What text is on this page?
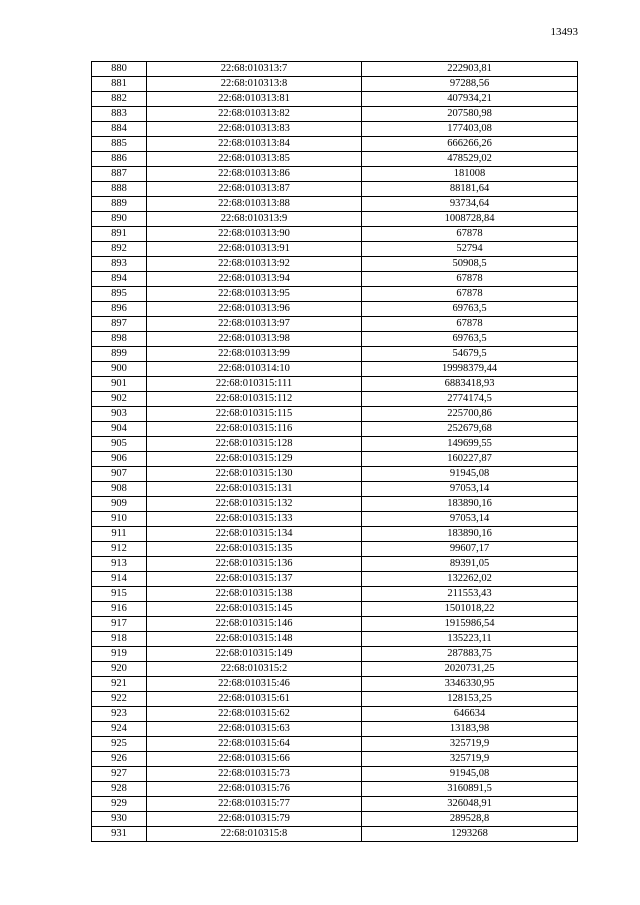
13493
880	22:68:010313:7	222903,81
881	22:68:010313:8	97288,56
882	22:68:010313:81	407934,21
883	22:68:010313:82	207580,98
884	22:68:010313:83	177403,08
885	22:68:010313:84	666266,26
886	22:68:010313:85	478529,02
887	22:68:010313:86	181008
888	22:68:010313:87	88181,64
889	22:68:010313:88	93734,64
890	22:68:010313:9	1008728,84
891	22:68:010313:90	67878
892	22:68:010313:91	52794
893	22:68:010313:92	50908,5
894	22:68:010313:94	67878
895	22:68:010313:95	67878
896	22:68:010313:96	69763,5
897	22:68:010313:97	67878
898	22:68:010313:98	69763,5
899	22:68:010313:99	54679,5
900	22:68:010314:10	19998379,44
901	22:68:010315:111	6883418,93
902	22:68:010315:112	2774174,5
903	22:68:010315:115	225700,86
904	22:68:010315:116	252679,68
905	22:68:010315:128	149699,55
906	22:68:010315:129	160227,87
907	22:68:010315:130	91945,08
908	22:68:010315:131	97053,14
909	22:68:010315:132	183890,16
910	22:68:010315:133	97053,14
911	22:68:010315:134	183890,16
912	22:68:010315:135	99607,17
913	22:68:010315:136	89391,05
914	22:68:010315:137	132262,02
915	22:68:010315:138	211553,43
916	22:68:010315:145	1501018,22
917	22:68:010315:146	1915986,54
918	22:68:010315:148	135223,11
919	22:68:010315:149	287883,75
920	22:68:010315:2	2020731,25
921	22:68:010315:46	3346330,95
922	22:68:010315:61	128153,25
923	22:68:010315:62	646634
924	22:68:010315:63	13183,98
925	22:68:010315:64	325719,9
926	22:68:010315:66	325719,9
927	22:68:010315:73	91945,08
928	22:68:010315:76	3160891,5
929	22:68:010315:77	326048,91
930	22:68:010315:79	289528,8
931	22:68:010315:8	1293268
